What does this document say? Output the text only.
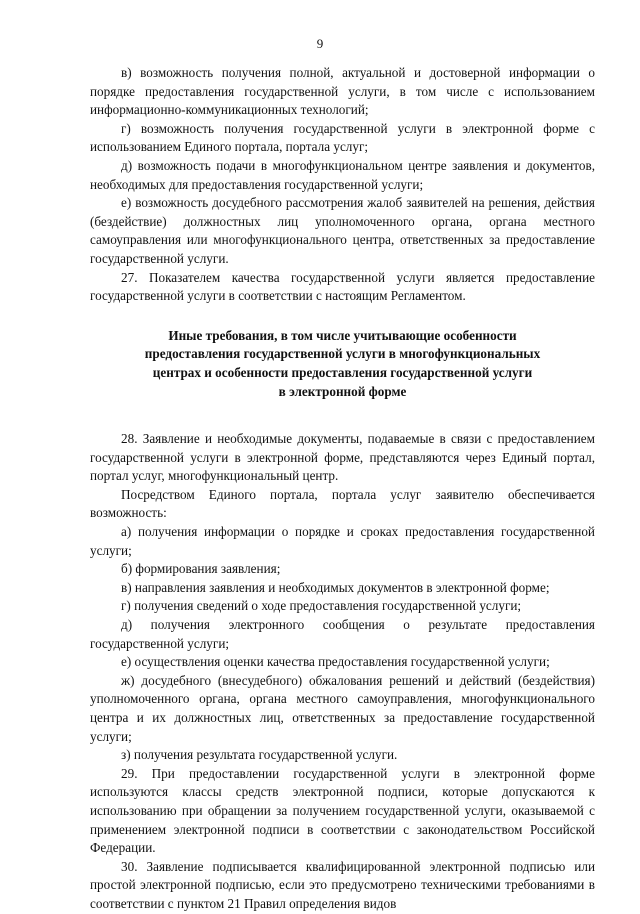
9

в) возможность получения полной, актуальной и достоверной информации о порядке предоставления государственной услуги, в том числе с использованием информационно-коммуникационных технологий;

г) возможность получения государственной услуги в электронной форме с использованием Единого портала, портала услуг;

д) возможность подачи в многофункциональном центре заявления и документов, необходимых для предоставления государственной услуги;

е) возможность досудебного рассмотрения жалоб заявителей на решения, действия (бездействие) должностных лиц уполномоченного органа, органа местного самоуправления или многофункционального центра, ответственных за предоставление государственной услуги.

27. Показателем качества государственной услуги является предоставление государственной услуги в соответствии с настоящим Регламентом.

Иные требования, в том числе учитывающие особенности
предоставления государственной услуги в многофункциональных
центрах и особенности предоставления государственной услуги
в электронной форме

28. Заявление и необходимые документы, подаваемые в связи с предоставлением государственной услуги в электронной форме, представляются через Единый портал, портал услуг, многофункциональный центр.

Посредством Единого портала, портала услуг заявителю обеспечивается возможность:

а) получения информации о порядке и сроках предоставления государственной услуги;

б) формирования заявления;

в) направления заявления и необходимых документов в электронной форме;

г) получения сведений о ходе предоставления государственной услуги;

д) получения электронного сообщения о результате предоставления государственной услуги;

е) осуществления оценки качества предоставления государственной услуги;

ж) досудебного (внесудебного) обжалования решений и действий (бездействия) уполномоченного органа, органа местного самоуправления, многофункционального центра и их должностных лиц, ответственных за предоставление государственной услуги;

з) получения результата государственной услуги.

29. При предоставлении государственной услуги в электронной форме используются классы средств электронной подписи, которые допускаются к использованию при обращении за получением государственной услуги, оказываемой с применением электронной подписи в соответствии с законодательством Российской Федерации.

30. Заявление подписывается квалифицированной электронной подписью или простой электронной подписью, если это предусмотрено техническими требованиями в соответствии с пунктом 21 Правил определения видов
